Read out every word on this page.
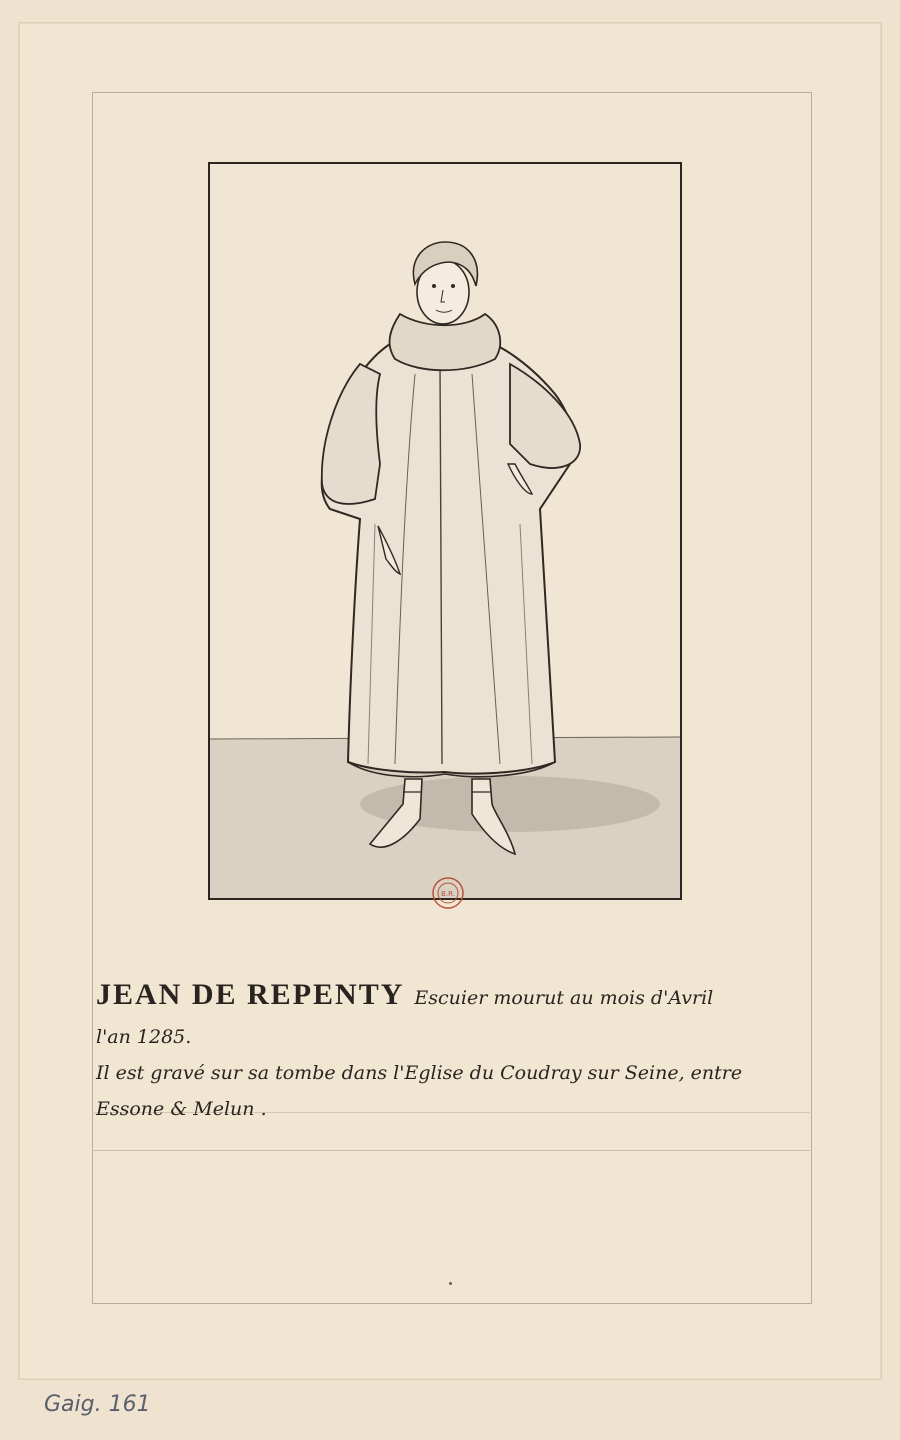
B.R.
JEAN DE REPENTY Escuier mourut au mois d'Avril
l'an 1285.
Il est gravé sur sa tombe dans l'Eglise du Coudray sur Seine, entre
Essone & Melun .
Gaig. 161
